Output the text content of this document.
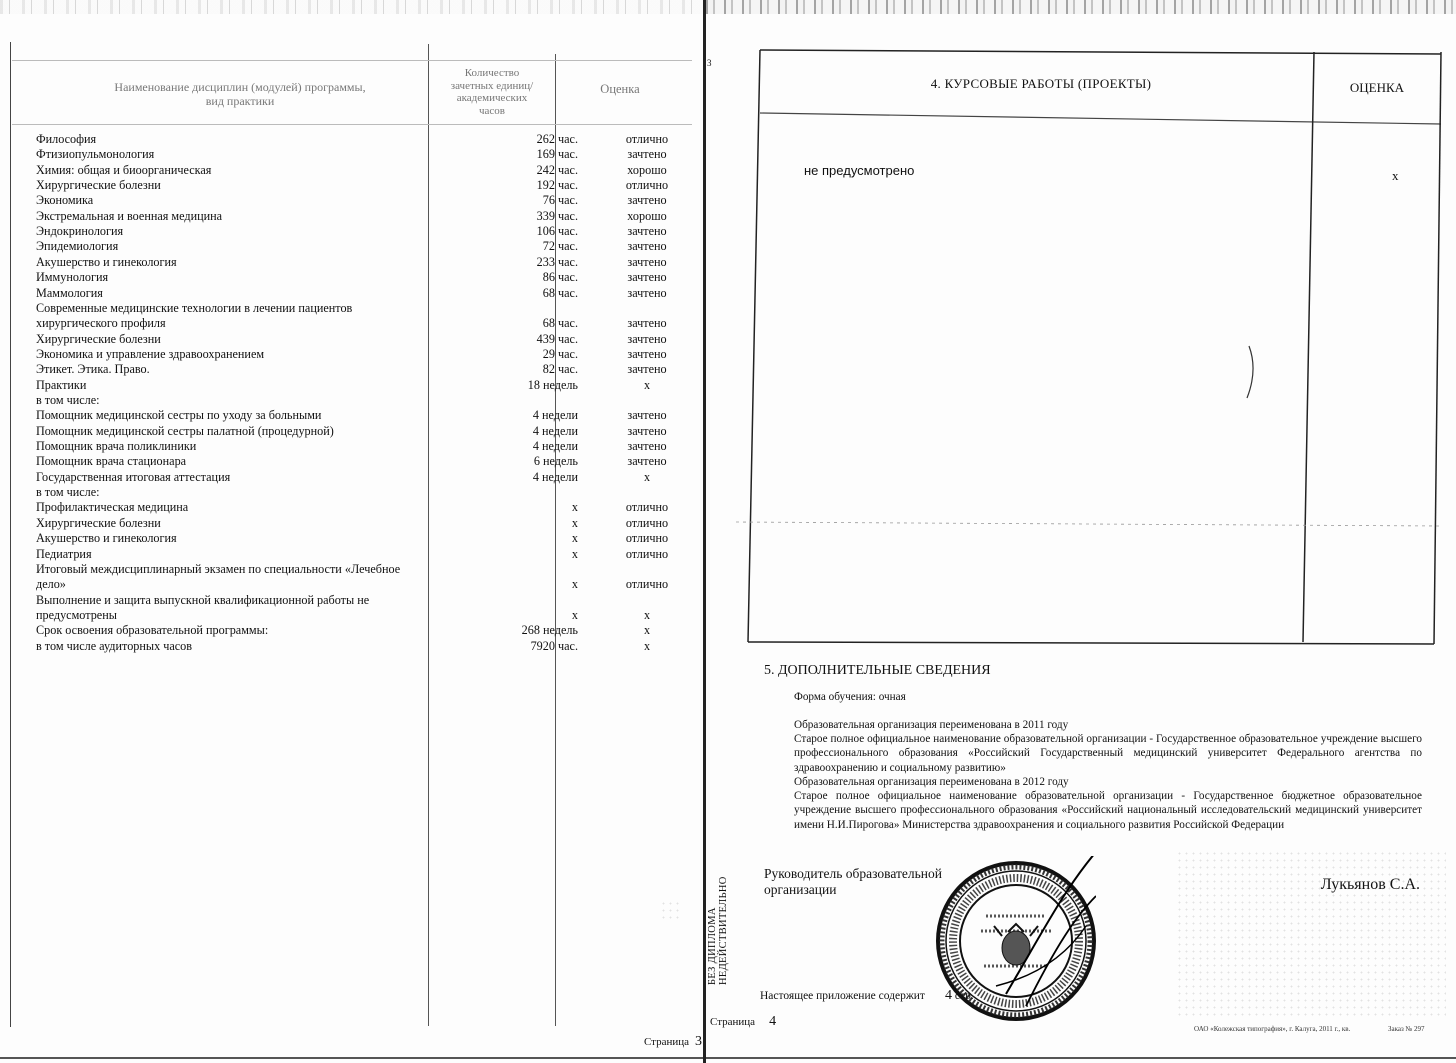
Наименование дисциплин (модулей) программы,
вид практики
Количество
зачетных единиц/
академических
часов
Оценка
Философия	262 час.	отлично
Фтизиопульмонология	169 час.	зачтено
Химия: общая и биоорганическая	242 час.	хорошо
Хирургические болезни	192 час.	отлично
Экономика	76 час.	зачтено
Экстремальная и военная медицина	339 час.	хорошо
Эндокринология	106 час.	зачтено
Эпидемиология	72 час.	зачтено
Акушерство и гинекология	233 час.	зачтено
Иммунология	86 час.	зачтено
Маммология	68 час.	зачтено
Современные медицинские технологии в лечении пациентов
хирургического профиля	68 час.	зачтено
Хирургические болезни	439 час.	зачтено
Экономика и управление здравоохранением	29 час.	зачтено
Этикет. Этика. Право.	82 час.	зачтено
Практики	18 недель	х
в том числе:
Помощник медицинской сестры по уходу за больными	4 недели	зачтено
Помощник медицинской сестры палатной (процедурной)	4 недели	зачтено
Помощник врача поликлиники	4 недели	зачтено
Помощник врача стационара	6 недель	зачтено
Государственная итоговая аттестация	4 недели	х
в том числе:
Профилактическая медицина	х	отлично
Хирургические болезни	х	отлично
Акушерство и гинекология	х	отлично
Педиатрия	х	отлично
Итоговый междисциплинарный экзамен по специальности «Лечебное
дело»	х	отлично
Выполнение и защита выпускной квалификационной работы не
предусмотрены	х	х
Срок освоения образовательной программы:	268 недель	х
в том числе аудиторных часов	7920 час.	х
Страница 3
3
4. КУРСОВЫЕ РАБОТЫ (ПРОЕКТЫ)	ОЦЕНКА
не предусмотрено	х
5. ДОПОЛНИТЕЛЬНЫЕ СВЕДЕНИЯ
Форма обучения: очная
Образовательная организация переименована в 2011 году
Старое полное официальное наименование образовательной организации - Государственное образовательное учреждение высшего профессионального образования «Российский Государственный медицинский университет Федерального агентства по здравоохранению и социальному развитию»
Образовательная организация переименована в 2012 году
Старое полное официальное наименование образовательной организации - Государственное бюджетное образовательное учреждение высшего профессионального образования «Российский национальный исследовательский медицинский университет имени Н.И.Пирогова» Министерства здравоохранения и социального развития Российской Федерации
БЕЗ ДИПЛОМА НЕДЕЙСТВИТЕЛЬНО
Руководитель образовательной
организации	Лукьянов С.А.
Настоящее приложение содержит 4 стр.
Страница 4	ОАО «Колежская типография», г. Калуга, 2011 г., кв.	Заказ № 297
